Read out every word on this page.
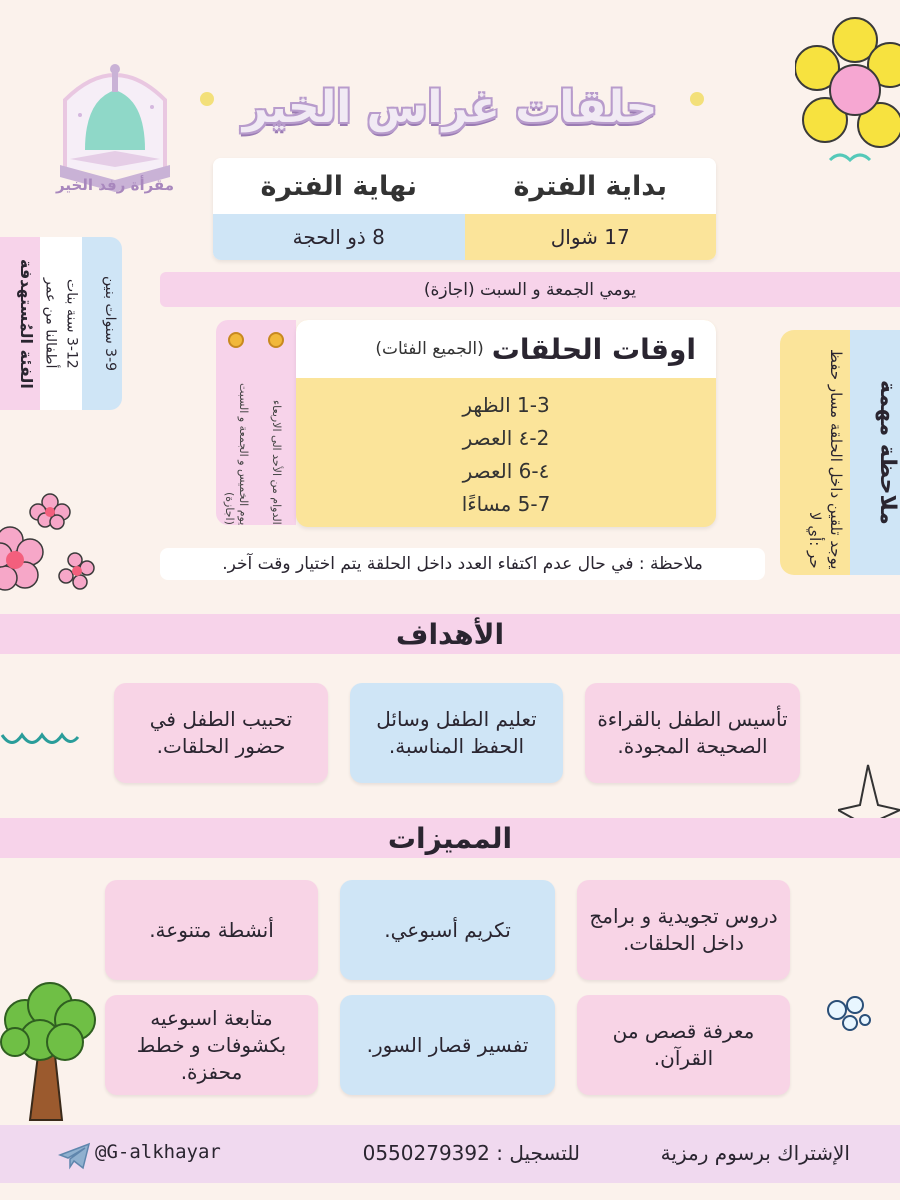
مقرأة رفد الخير
حلقات غراس الخير
بداية الفترة
نهاية الفترة
17 شوال
8 ذو الحجة
الفئة المُستهدفة أطفالنا من عمر 3-12 سنة بنات
3-9 سنوات بنين
يومي الجمعة و السبت (اجازة)
يوم الخميس و الجمعة و السبت (اجازة)	الدوام من الأحد الى الاربعاء
اوقات الحلقات
(الجميع الفئات)
1-3 الظهر
2-٤ العصر
٤-6 العصر
5-7 مساءًا	يوجد تلقين داخل الحلقة مسار حفظ حر :أي لا
ملاحظة مهمة
ملاحظة : في حال عدم اكتفاء العدد داخل الحلقة يتم اختيار وقت آخر.
الأهداف
تأسيس الطفل بالقراءة الصحيحة المجودة.
تعليم الطفل وسائل الحفظ المناسبة.
تحبيب الطفل في حضور الحلقات.
المميزات
دروس تجويدية و برامج داخل الحلقات.
تكريم أسبوعي.
أنشطة متنوعة.
معرفة قصص من القرآن.
تفسير قصار السور.
متابعة اسبوعيه بكشوفات و خطط محفزة.
الإشتراك برسوم رمزية
للتسجيل : 0550279392
@G-alkhayar
